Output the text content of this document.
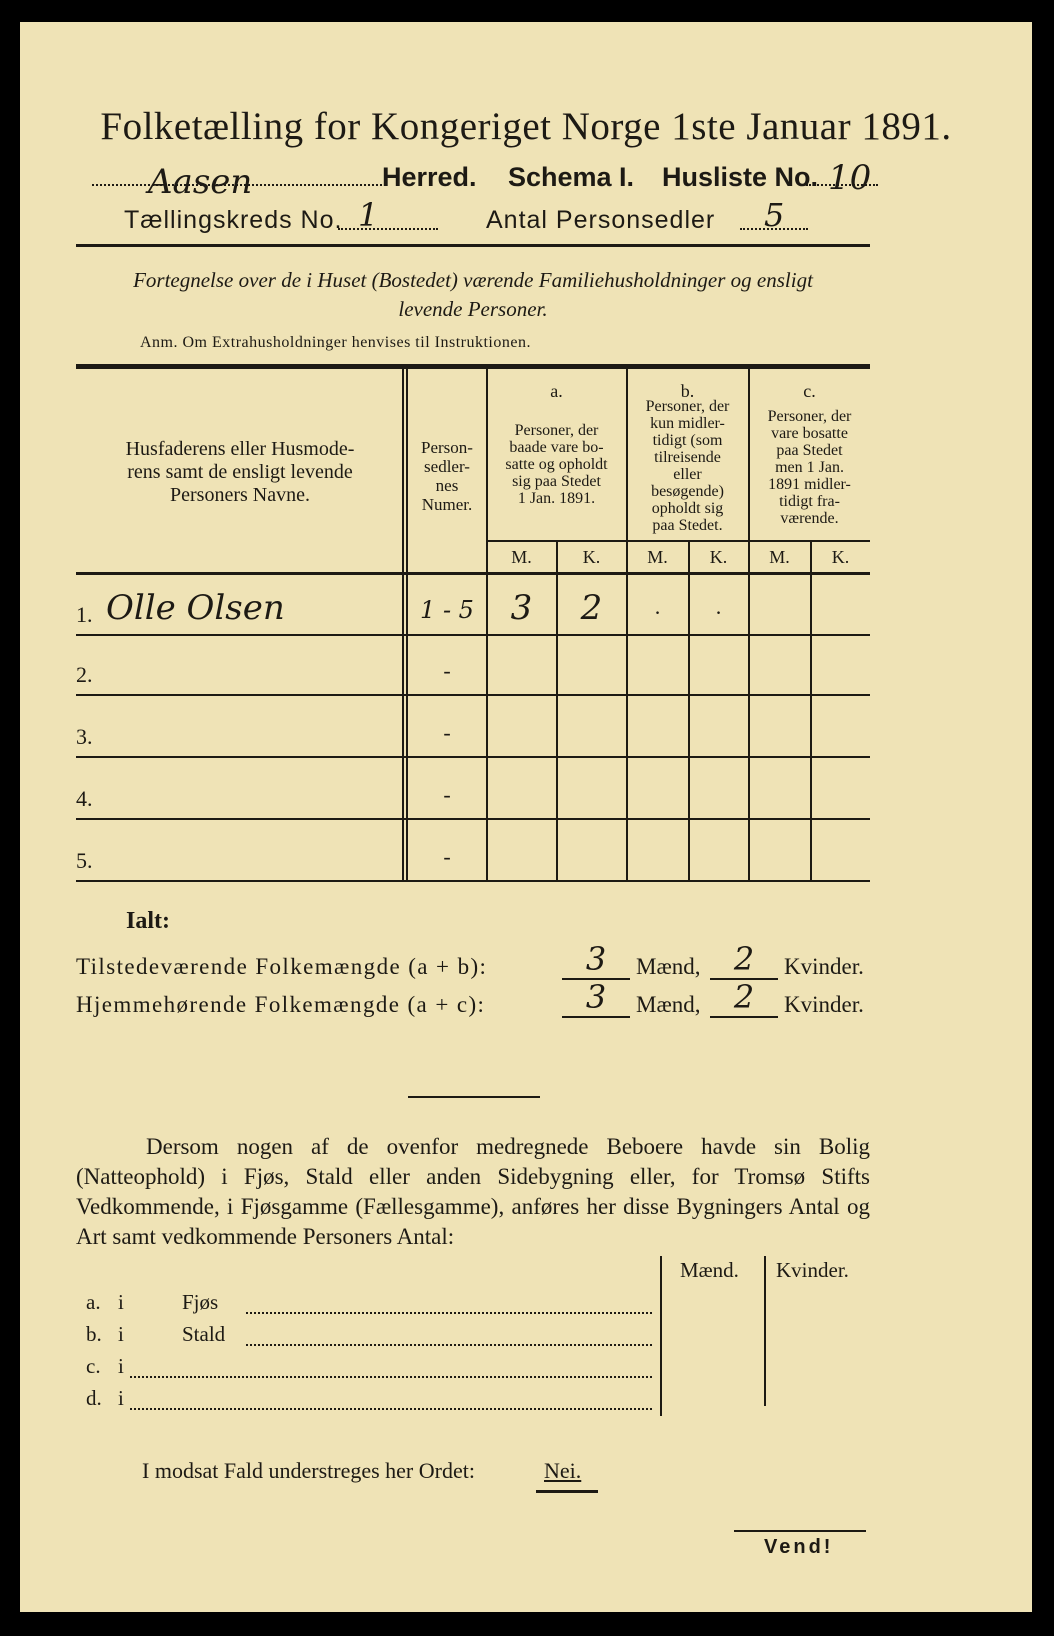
Folketælling for Kongeriget Norge 1ste Januar 1891.
Aasen	Herred. Schema I. Husliste No. 10
Tællingskreds No. 1	Antal Personsedler 5
Fortegnelse over de i Huset (Bostedet) værende Familiehusholdninger og ensligt
levende Personer.
Anm. Om Extrahusholdninger henvises til Instruktionen.
Husfaderens eller Husmode-
rens samt de ensligt levende
Personers Navne.
Person-
sedler-
nes
Numer.
a.
Personer, der
baade vare bo-
satte og opholdt
sig paa Stedet
1 Jan. 1891.
b.
Personer, der
kun midler-
tidigt (som
tilreisende
eller
besøgende)
opholdt sig
paa Stedet.
c.
Personer, der
vare bosatte
paa Stedet
men 1 Jan.
1891 midler-
tidigt fra-
værende.
M.	K.	M.	K.	M.	K.
1. Olle Olsen	1 - 5	3	2	·	·
2.	-
3.	-
4.	-
5.	-
Ialt:
Tilstedeværende Folkemængde (a + b):	3	Mænd,	2	Kvinder.
Hjemmehørende Folkemængde (a + c):	3	Mænd,	2	Kvinder.
Dersom nogen af de ovenfor medregnede Beboere havde sin Bolig (Natteophold) i Fjøs, Stald eller anden Sidebygning eller, for Tromsø Stifts Vedkommende, i Fjøsgamme (Fællesgamme), anføres her disse Bygningers Antal og Art samt vedkommende Personers Antal:
Mænd. Kvinder.
a. i	Fjøs
b. i	Stald
c. i
d. i
I modsat Fald understreges her Ordet:	Nei.
Vend!
